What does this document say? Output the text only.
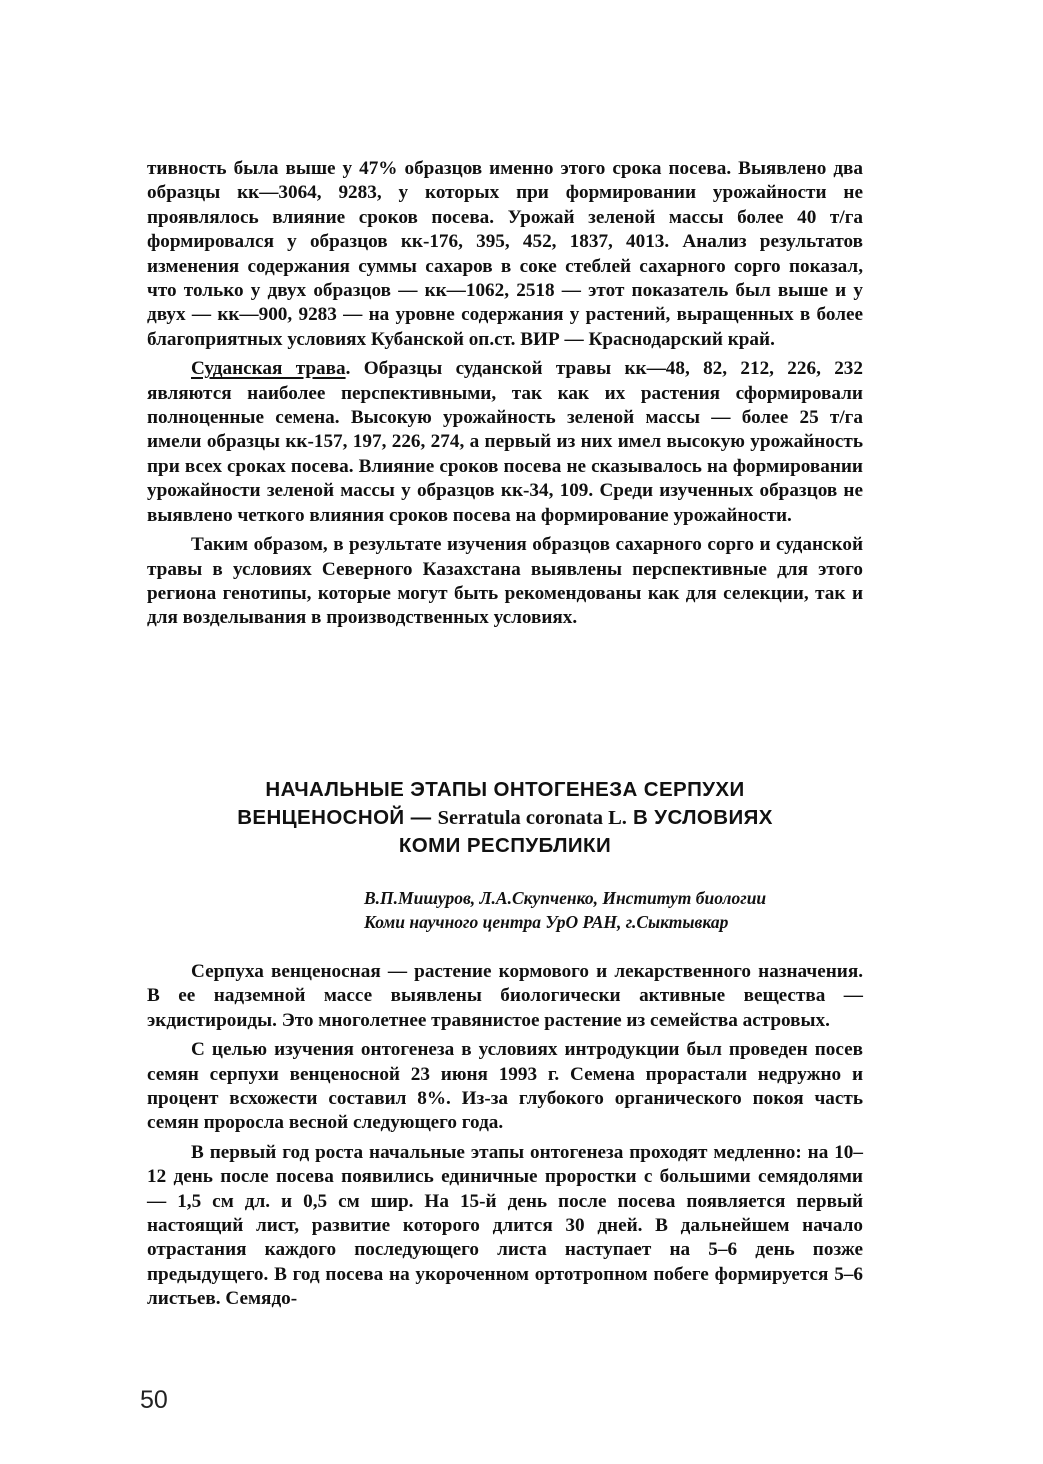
тивность была выше у 47% образцов именно этого срока посева. Выявлено два образцы кк—3064, 9283, у которых при формировании урожайности не проявлялось влияние сроков посева. Урожай зеленой массы более 40 т/га формировался у образцов кк-176, 395, 452, 1837, 4013. Анализ результатов изменения содержания суммы сахаров в соке стеблей сахарного сорго показал, что только у двух образцов — кк—1062, 2518 — этот показатель был выше и у двух — кк—900, 9283 — на уровне содержания у растений, выращенных в более благоприятных условиях Кубанской оп.ст. ВИР — Краснодарский край.

Суданская трава. Образцы суданской травы кк—48, 82, 212, 226, 232 являются наиболее перспективными, так как их растения сформировали полноценные семена. Высокую урожайность зеленой массы — более 25 т/га имели образцы кк-157, 197, 226, 274, а первый из них имел высокую урожайность при всех сроках посева. Влияние сроков посева не сказывалось на формировании урожайности зеленой массы у образцов кк-34, 109. Среди изученных образцов не выявлено четкого влияния сроков посева на формирование урожайности.

Таким образом, в результате изучения образцов сахарного сорго и суданской травы в условиях Северного Казахстана выявлены перспективные для этого региона генотипы, которые могут быть рекомендованы как для селекции, так и для возделывания в производственных условиях.

НАЧАЛЬНЫЕ ЭТАПЫ ОНТОГЕНЕЗА СЕРПУХИ
ВЕНЦЕНОСНОЙ — Serratula coronata L. В УСЛОВИЯХ
КОМИ РЕСПУБЛИКИ
В.П.Мишуров, Л.А.Скупченко, Институт биологии
Коми научного центра УрО РАН, г.Сыктывкар

Серпуха венценосная — растение кормового и лекарственного назначения. В ее надземной массе выявлены биологически активные вещества — экдистироиды. Это многолетнее травянистое растение из семейства астровых.

С целью изучения онтогенеза в условиях интродукции был проведен посев семян серпухи венценосной 23 июня 1993 г. Семена прорастали недружно и процент всхожести составил 8%. Из-за глубокого органического покоя часть семян проросла весной следующего года.

В первый год роста начальные этапы онтогенеза проходят медленно: на 10–12 день после посева появились единичные проростки с большими семядолями — 1,5 см дл. и 0,5 см шир. На 15-й день после посева появляется первый настоящий лист, развитие которого длится 30 дней. В дальнейшем начало отрастания каждого последующего листа наступает на 5–6 день позже предыдущего. В год посева на укороченном ортотропном побеге формируется 5–6 листьев. Семядо-

50
